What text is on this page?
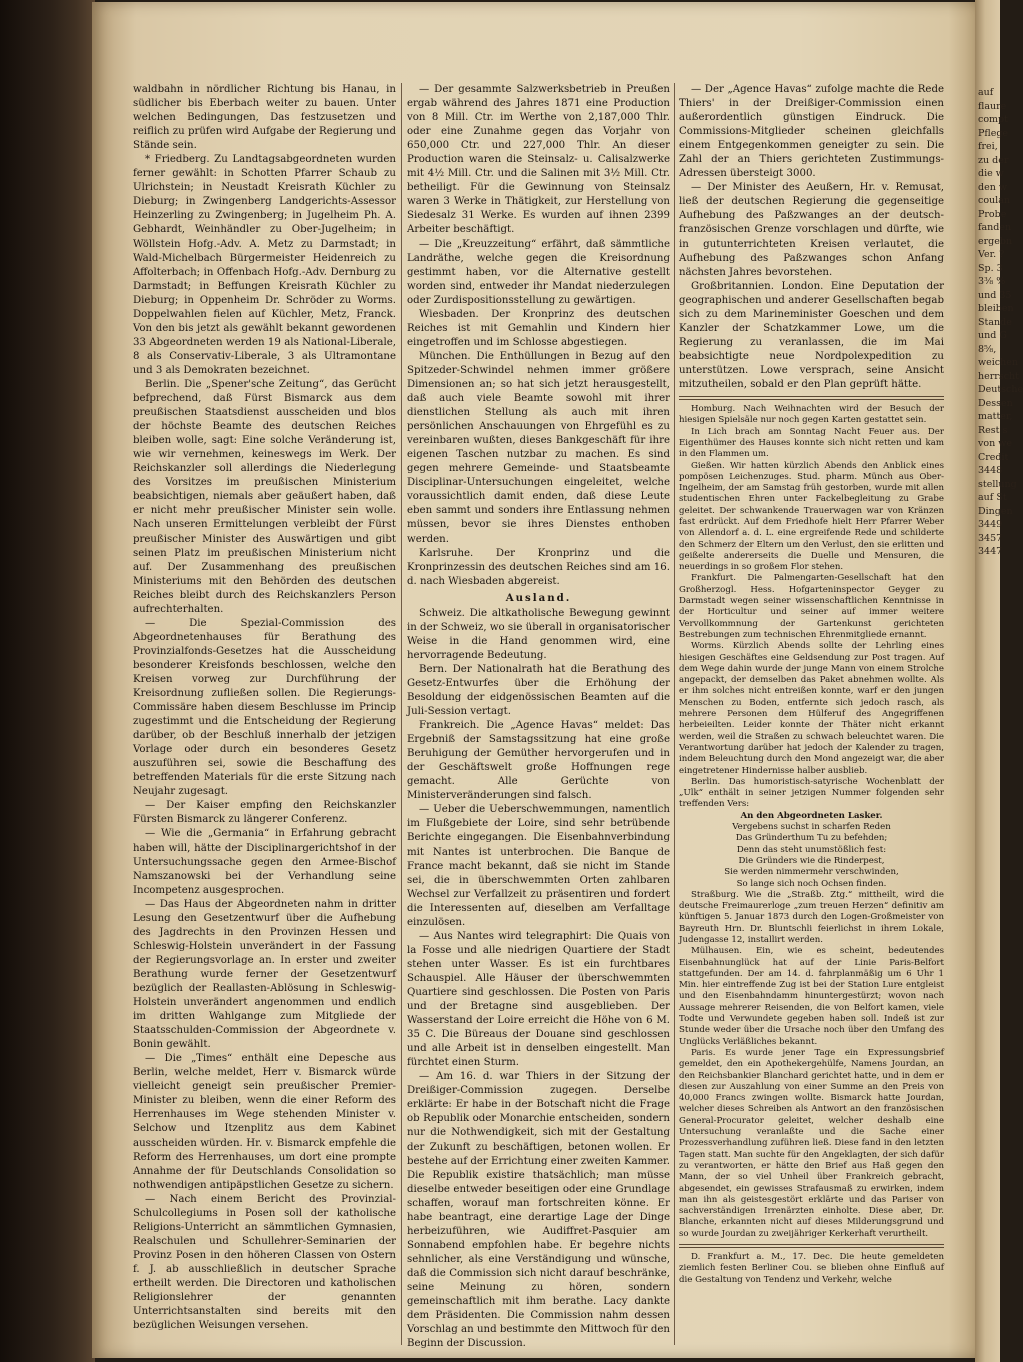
waldbahn in nördlicher Richtung bis Hanau, in südlicher bis Eberbach weiter zu bauen. Unter welchen Bedingungen, Das festzusetzen und reiflich zu prüfen wird Aufgabe der Regierung und Stände sein.

* Friedberg. Zu Landtagsabgeordneten wurden ferner gewählt: in Schotten Pfarrer Schaub zu Ulrichstein; in Neustadt Kreisrath Küchler zu Dieburg; in Zwingenberg Landgerichts-Assessor Heinzerling zu Zwingenberg; in Jugelheim Ph. A. Gebhardt, Weinhändler zu Ober-Jugelheim; in Wöllstein Hofg.-Adv. A. Metz zu Darmstadt; in Wald-Michelbach Bürgermeister Heidenreich zu Affolterbach; in Offenbach Hofg.-Adv. Dernburg zu Darmstadt; in Beffungen Kreisrath Küchler zu Dieburg; in Oppenheim Dr. Schröder zu Worms. Doppelwahlen fielen auf Küchler, Metz, Franck. Von den bis jetzt als gewählt bekannt gewordenen 33 Abgeordneten werden 19 als National-Liberale, 8 als Conservativ-Liberale, 3 als Ultramontane und 3 als Demokraten bezeichnet.

Berlin. Die „Spener'sche Zeitung“, das Gerücht befprechend, daß Fürst Bismarck aus dem preußischen Staatsdienst ausscheiden und blos der höchste Beamte des deutschen Reiches bleiben wolle, sagt: Eine solche Veränderung ist, wie wir vernehmen, keineswegs im Werk. Der Reichskanzler soll allerdings die Niederlegung des Vorsitzes im preußischen Ministerium beabsichtigen, niemals aber geäußert haben, daß er nicht mehr preußischer Minister sein wolle. Nach unseren Ermittelungen verbleibt der Fürst preußischer Minister des Auswärtigen und gibt seinen Platz im preußischen Ministerium nicht auf. Der Zusammenhang des preußischen Ministeriums mit den Behörden des deutschen Reiches bleibt durch des Reichskanzlers Person aufrechterhalten.

— Die Spezial-Commission des Abgeordnetenhauses für Berathung des Provinzialfonds-Gesetzes hat die Ausscheidung besonderer Kreisfonds beschlossen, welche den Kreisen vorweg zur Durchführung der Kreisordnung zufließen sollen. Die Regierungs-Commissäre haben diesem Beschlusse im Princip zugestimmt und die Entscheidung der Regierung darüber, ob der Beschluß innerhalb der jetzigen Vorlage oder durch ein besonderes Gesetz auszuführen sei, sowie die Beschaffung des betreffenden Materials für die erste Sitzung nach Neujahr zugesagt.

— Der Kaiser empfing den Reichskanzler Fürsten Bismarck zu längerer Conferenz.

— Wie die „Germania“ in Erfahrung gebracht haben will, hätte der Disciplinargerichtshof in der Untersuchungssache gegen den Armee-Bischof Namszanowski bei der Verhandlung seine Incompetenz ausgesprochen.

— Das Haus der Abgeordneten nahm in dritter Lesung den Gesetzentwurf über die Aufhebung des Jagdrechts in den Provinzen Hessen und Schleswig-Holstein unverändert in der Fassung der Regierungsvorlage an. In erster und zweiter Berathung wurde ferner der Gesetzentwurf bezüglich der Reallasten-Ablösung in Schleswig-Holstein unverändert angenommen und endlich im dritten Wahlgange zum Mitgliede der Staatsschulden-Commission der Abgeordnete v. Bonin gewählt.

— Die „Times“ enthält eine Depesche aus Berlin, welche meldet, Herr v. Bismarck würde vielleicht geneigt sein preußischer Premier-Minister zu bleiben, wenn die einer Reform des Herrenhauses im Wege stehenden Minister v. Selchow und Itzenplitz aus dem Kabinet ausscheiden würden. Hr. v. Bismarck empfehle die Reform des Herrenhauses, um dort eine prompte Annahme der für Deutschlands Consolidation so nothwendigen antipäpstlichen Gesetze zu sichern.

— Nach einem Bericht des Provinzial-Schulcollegiums in Posen soll der katholische Religions-Unterricht an sämmtlichen Gymnasien, Realschulen und Schullehrer-Seminarien der Provinz Posen in den höheren Classen von Ostern f. J. ab ausschließlich in deutscher Sprache ertheilt werden. Die Directoren und katholischen Religionslehrer der genannten Unterrichtsanstalten sind bereits mit den bezüglichen Weisungen versehen.

— Der gesammte Salzwerksbetrieb in Preußen ergab während des Jahres 1871 eine Production von 8 Mill. Ctr. im Werthe von 2,187,000 Thlr. oder eine Zunahme gegen das Vorjahr von 650,000 Ctr. und 227,000 Thlr. An dieser Production waren die Steinsalz- u. Calisalzwerke mit 4½ Mill. Ctr. und die Salinen mit 3½ Mill. Ctr. betheiligt. Für die Gewinnung von Steinsalz waren 3 Werke in Thätigkeit, zur Herstellung von Siedesalz 31 Werke. Es wurden auf ihnen 2399 Arbeiter beschäftigt.

— Die „Kreuzzeitung“ erfährt, daß sämmtliche Landräthe, welche gegen die Kreisordnung gestimmt haben, vor die Alternative gestellt worden sind, entweder ihr Mandat niederzulegen oder Zurdispositionsstellung zu gewärtigen.

Wiesbaden. Der Kronprinz des deutschen Reiches ist mit Gemahlin und Kindern hier eingetroffen und im Schlosse abgestiegen.

München. Die Enthüllungen in Bezug auf den Spitzeder-Schwindel nehmen immer größere Dimensionen an; so hat sich jetzt herausgestellt, daß auch viele Beamte sowohl mit ihrer dienstlichen Stellung als auch mit ihren persönlichen Anschauungen von Ehrgefühl es zu vereinbaren wußten, dieses Bankgeschäft für ihre eigenen Taschen nutzbar zu machen. Es sind gegen mehrere Gemeinde- und Staatsbeamte Disciplinar-Untersuchungen eingeleitet, welche voraussichtlich damit enden, daß diese Leute eben sammt und sonders ihre Entlassung nehmen müssen, bevor sie ihres Dienstes enthoben werden.

Karlsruhe. Der Kronprinz und die Kronprinzessin des deutschen Reiches sind am 16. d. nach Wiesbaden abgereist.

Ausland.

Schweiz. Die altkatholische Bewegung gewinnt in der Schweiz, wo sie überall in organisatorischer Weise in die Hand genommen wird, eine hervorragende Bedeutung.

Bern. Der Nationalrath hat die Berathung des Gesetz-Entwurfes über die Erhöhung der Besoldung der eidgenössischen Beamten auf die Juli-Session vertagt.

Frankreich. Die „Agence Havas“ meldet: Das Ergebniß der Samstagssitzung hat eine große Beruhigung der Gemüther hervorgerufen und in der Geschäftswelt große Hoffnungen rege gemacht. Alle Gerüchte von Ministerveränderungen sind falsch.

— Ueber die Ueberschwemmungen, namentlich im Flußgebiete der Loire, sind sehr betrübende Berichte eingegangen. Die Eisenbahnverbindung mit Nantes ist unterbrochen. Die Banque de France macht bekannt, daß sie nicht im Stande sei, die in überschwemmten Orten zahlbaren Wechsel zur Verfallzeit zu präsentiren und fordert die Interessenten auf, dieselben am Verfalltage einzulösen.

— Aus Nantes wird telegraphirt: Die Quais von la Fosse und alle niedrigen Quartiere der Stadt stehen unter Wasser. Es ist ein furchtbares Schauspiel. Alle Häuser der überschwemmten Quartiere sind geschlossen. Die Posten von Paris und der Bretagne sind ausgeblieben. Der Wasserstand der Loire erreicht die Höhe von 6 M. 35 C. Die Büreaus der Douane sind geschlossen und alle Arbeit ist in denselben eingestellt. Man fürchtet einen Sturm.

— Am 16. d. war Thiers in der Sitzung der Dreißiger-Commission zugegen. Derselbe erklärte: Er habe in der Botschaft nicht die Frage ob Republik oder Monarchie entscheiden, sondern nur die Nothwendigkeit, sich mit der Gestaltung der Zukunft zu beschäftigen, betonen wollen. Er bestehe auf der Errichtung einer zweiten Kammer. Die Republik existire thatsächlich; man müsse dieselbe entweder beseitigen oder eine Grundlage schaffen, worauf man fortschreiten könne. Er habe beantragt, eine derartige Lage der Dinge herbeizuführen, wie Audiffret-Pasquier am Sonnabend empfohlen habe. Er begehre nichts sehnlicher, als eine Verständigung und wünsche, daß die Commission sich nicht darauf beschränke, seine Meinung zu hören, sondern gemeinschaftlich mit ihm berathe. Lacy dankte dem Präsidenten. Die Commission nahm dessen Vorschlag an und bestimmte den Mittwoch für den Beginn der Discussion.

— Der „Agence Havas“ zufolge machte die Rede Thiers' in der Dreißiger-Commission einen außerordentlich günstigen Eindruck. Die Commissions-Mitglieder scheinen gleichfalls einem Entgegenkommen geneigter zu sein. Die Zahl der an Thiers gerichteten Zustimmungs-Adressen übersteigt 3000.

— Der Minister des Aeußern, Hr. v. Remusat, ließ der deutschen Regierung die gegenseitige Aufhebung des Paßzwanges an der deutsch-französischen Grenze vorschlagen und dürfte, wie in gutunterrichteten Kreisen verlautet, die Aufhebung des Paßzwanges schon Anfang nächsten Jahres bevorstehen.

Großbritannien. London. Eine Deputation der geographischen und anderer Gesellschaften begab sich zu dem Marineminister Goeschen und dem Kanzler der Schatzkammer Lowe, um die Regierung zu veranlassen, die im Mai beabsichtigte neue Nordpolexpedition zu unterstützen. Lowe versprach, seine Ansicht mitzutheilen, sobald er den Plan geprüft hätte.

Homburg. Nach Weihnachten wird der Besuch der hiesigen Spielsäle nur noch gegen Karten gestattet sein.

In Lich brach am Sonntag Nacht Feuer aus. Der Eigenthümer des Hauses konnte sich nicht retten und kam in den Flammen um.

Gießen. Wir hatten kürzlich Abends den Anblick eines pompösen Leichenzuges. Stud. pharm. Münch aus Ober-Ingelheim, der am Samstag früh gestorben, wurde mit allen studentischen Ehren unter Fackelbegleitung zu Grabe geleitet. Der schwankende Trauerwagen war von Kränzen fast erdrückt. Auf dem Friedhofe hielt Herr Pfarrer Weber von Allendorf a. d. L. eine ergreifende Rede und schilderte den Schmerz der Eltern um den Verlust, den sie erlitten und geißelte andererseits die Duelle und Mensuren, die neuerdings in so großem Flor stehen.

Frankfurt. Die Palmengarten-Gesellschaft hat den Großherzogl. Hess. Hofgarteninspector Geyger zu Darmstadt wegen seiner wissenschaftlichen Kenntnisse in der Horticultur und seiner auf immer weitere Vervollkommnung der Gartenkunst gerichteten Bestrebungen zum technischen Ehrenmitgliede ernannt.

Worms. Kürzlich Abends sollte der Lehrling eines hiesigen Geschäftes eine Geldsendung zur Post tragen. Auf dem Wege dahin wurde der junge Mann von einem Strolche angepackt, der demselben das Paket abnehmen wollte. Als er ihm solches nicht entreißen konnte, warf er den jungen Menschen zu Boden, entfernte sich jedoch rasch, als mehrere Personen dem Hülferuf des Angegriffenen herbeieilten. Leider konnte der Thäter nicht erkannt werden, weil die Straßen zu schwach beleuchtet waren. Die Verantwortung darüber hat jedoch der Kalender zu tragen, indem Beleuchtung durch den Mond angezeigt war, die aber eingetretener Hindernisse halber ausblieb.

Berlin. Das humoristisch-satyrische Wochenblatt der „Ulk“ enthält in seiner jetzigen Nummer folgenden sehr treffenden Vers:

An den Abgeordneten Lasker.

Vergebens suchst in scharfen Reden

Das Gründerthum Tu zu befehden;

Denn das steht unumstößlich fest:

Die Gründers wie die Rinderpest,

Sie werden nimmermehr verschwinden,

So lange sich noch Ochsen finden.

Straßburg. Wie die „Straßb. Ztg.“ mittheilt, wird die deutsche Freimaurerloge „zum treuen Herzen“ definitiv am künftigen 5. Januar 1873 durch den Logen-Großmeister von Bayreuth Hrn. Dr. Bluntschli feierlichst in ihrem Lokale, Judengasse 12, installirt werden.

Mülhausen. Ein, wie es scheint, bedeutendes Eisenbahnunglück hat auf der Linie Paris-Belfort stattgefunden. Der am 14. d. fahrplanmäßig um 6 Uhr 1 Min. hier eintreffende Zug ist bei der Station Lure entgleist und den Eisenbahndamm hinuntergestürzt; wovon nach Aussage mehrerer Reisenden, die von Belfort kamen, viele Todte und Verwundete gegeben haben soll. Indeß ist zur Stunde weder über die Ursache noch über den Umfang des Unglücks Verläßliches bekannt.

Paris. Es wurde jener Tage ein Expressungsbrief gemeldet, den ein Apothekergehülfe, Namens Jourdan, an den Reichsbankier Blanchard gerichtet hatte, und in dem er diesen zur Auszahlung von einer Summe an den Preis von 40,000 Francs zwingen wollte. Bismarck hatte Jourdan, welcher dieses Schreiben als Antwort an den französischen General-Procurator geleitet, welcher deshalb eine Untersuchung veranlaßte und die Sache einer Prozessverhandlung zuführen ließ. Diese fand in den letzten Tagen statt. Man suchte für den Angeklagten, der sich dafür zu verantworten, er hätte den Brief aus Haß gegen den Mann, der so viel Unheil über Frankreich gebracht, abgesendet, ein gewisses Strafausmaß zu erwirken, indem man ihn als geistesgestört erklärte und das Pariser von sachverständigen Irrenärzten einholte. Diese aber, Dr. Blanche, erkannten nicht auf dieses Milderungsgrund und so wurde Jourdan zu zweijähriger Kerkerhaft verurtheilt.

D. Frankfurt a. M., 17. Dec. Die heute gemeldeten ziemlich festen Berliner Cou. se blieben ohne Einfluß auf die Gestaltung von Tendenz und Verkehr, welche

auf
flaure
compt
Pflege
frei,
zu der
die w
den w
coulan
Probe
fanden
ergebn
Ver. ?
Sp. 3
3⅜ %
und 35
bleiben
Stande
und G
8⅝,
weichen
herrscht
Deutsche
Dessen
matter,
Rest s
von we
Credit
3448
stellung
auf St
Dingen
3449
3457
3447
